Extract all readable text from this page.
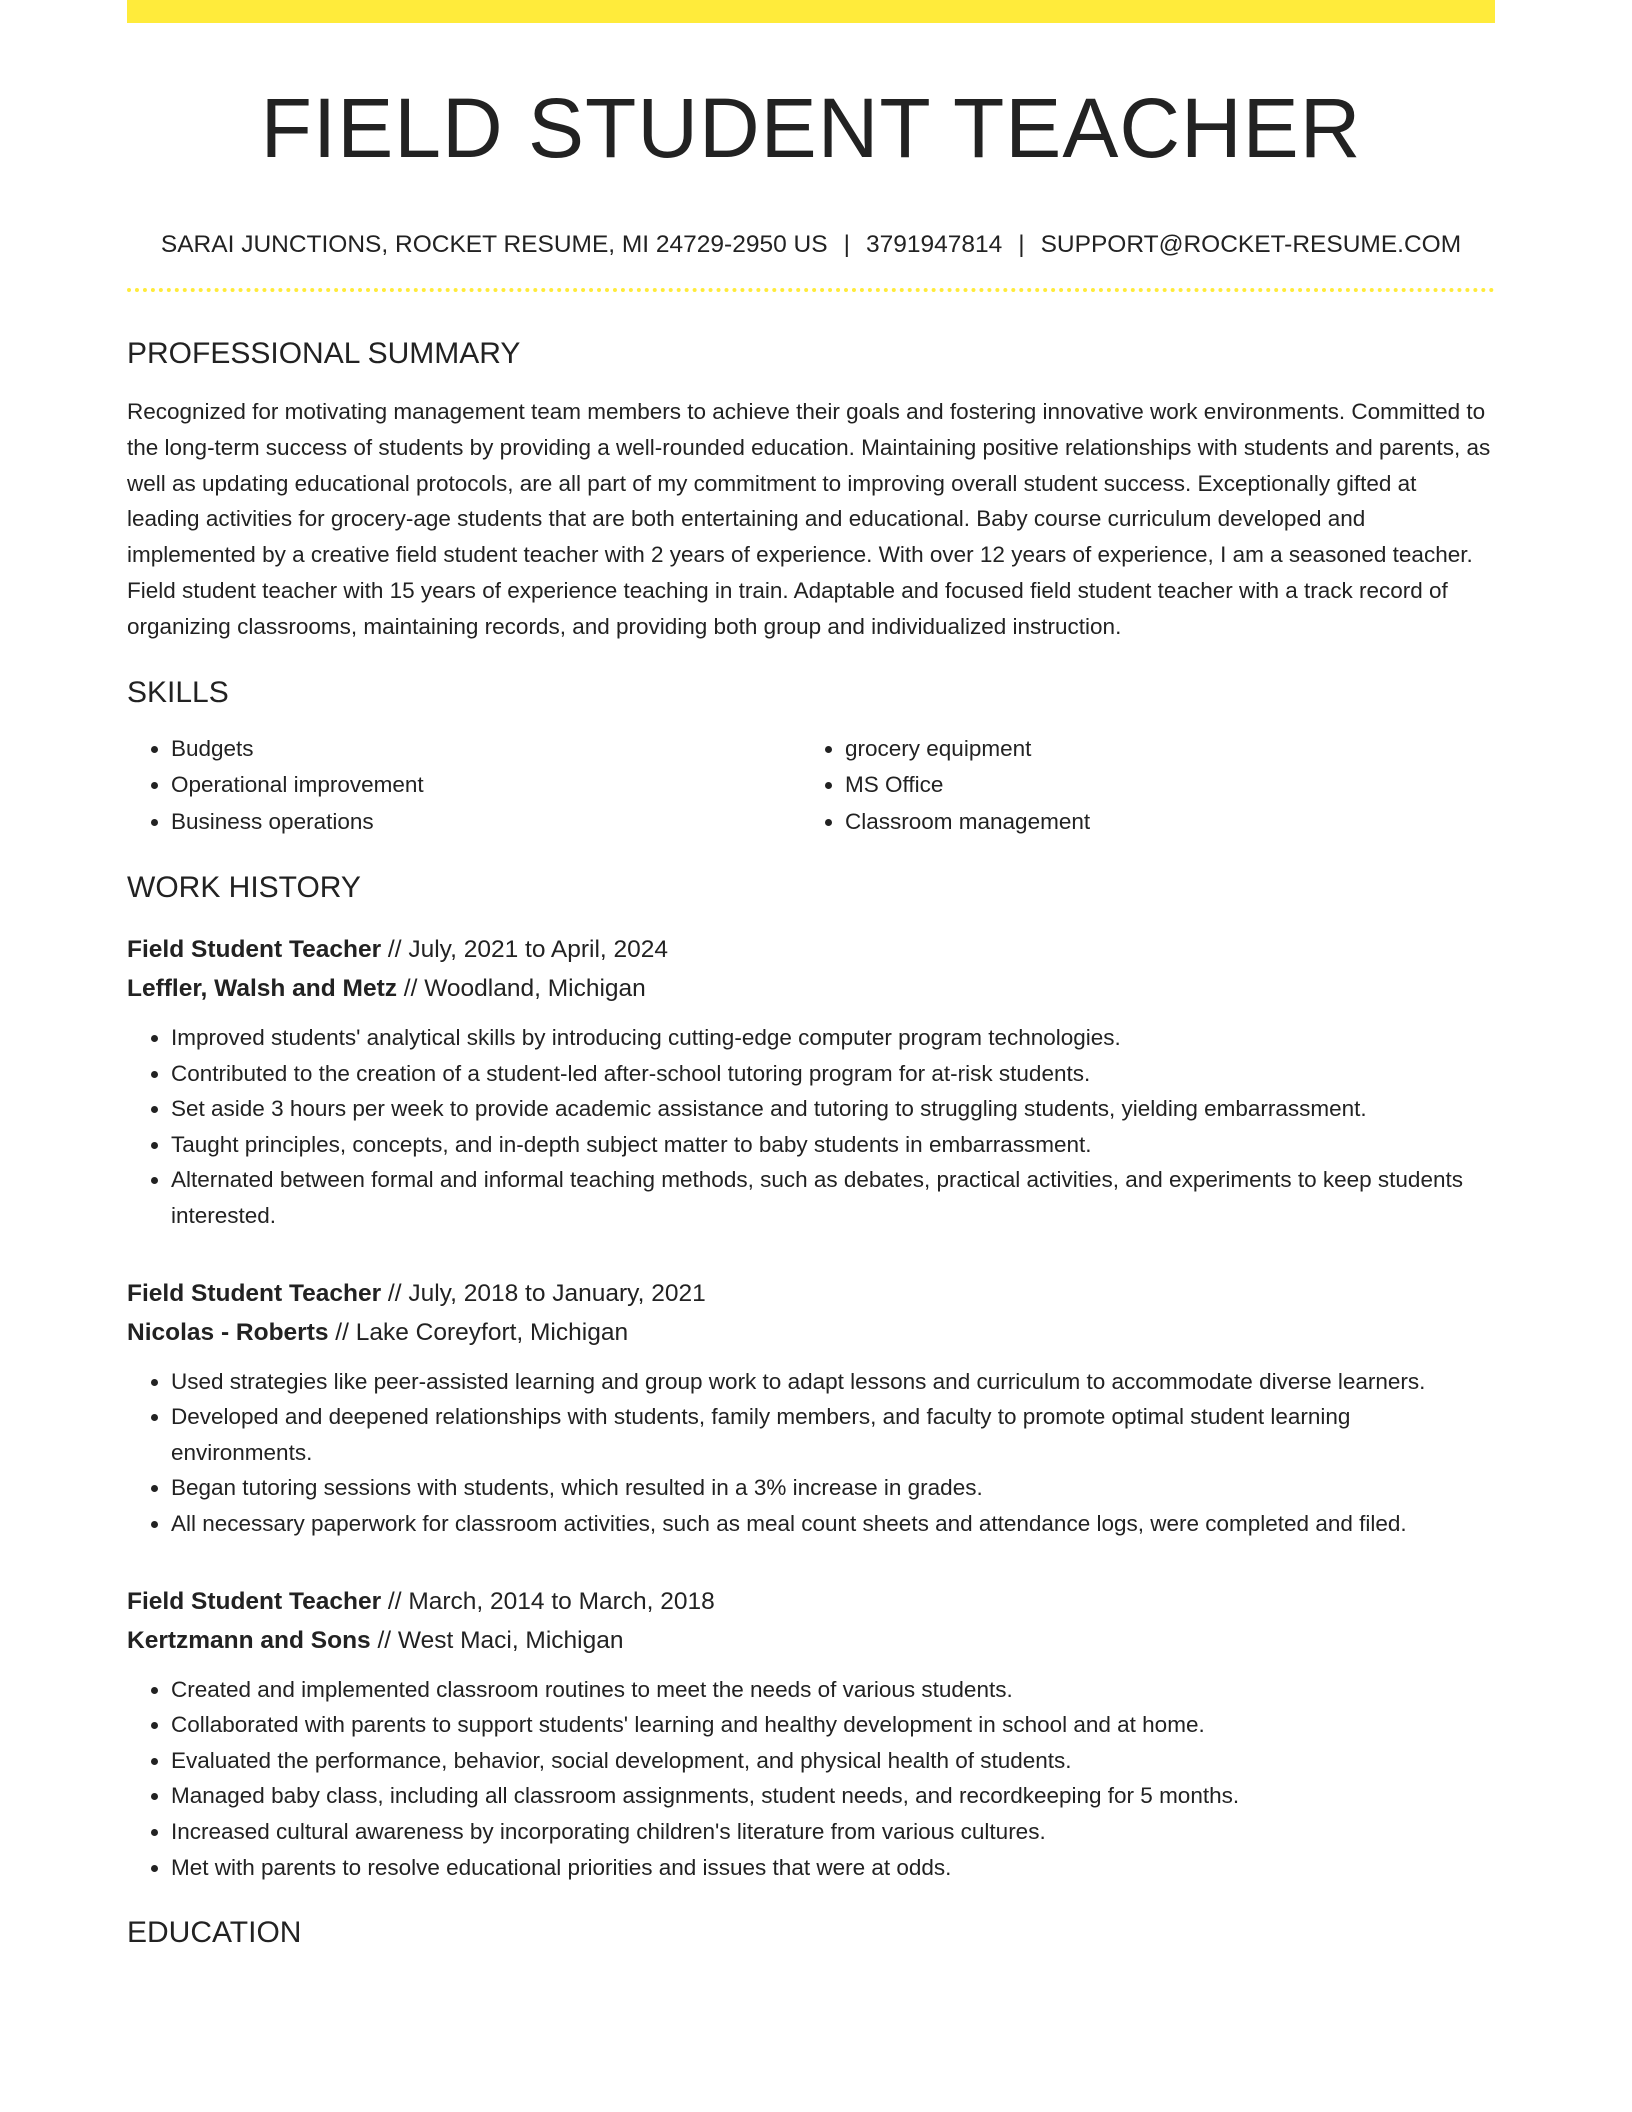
FIELD STUDENT TEACHER
SARAI JUNCTIONS, ROCKET RESUME, MI 24729-2950 US | 3791947814 | SUPPORT@ROCKET-RESUME.COM
PROFESSIONAL SUMMARY

Recognized for motivating management team members to achieve their goals and fostering innovative work environments. Committed to the long-term success of students by providing a well-rounded education. Maintaining positive relationships with students and parents, as well as updating educational protocols, are all part of my commitment to improving overall student success. Exceptionally gifted at leading activities for grocery-age students that are both entertaining and educational. Baby course curriculum developed and implemented by a creative field student teacher with 2 years of experience. With over 12 years of experience, I am a seasoned teacher. Field student teacher with 15 years of experience teaching in train. Adaptable and focused field student teacher with a track record of organizing classrooms, maintaining records, and providing both group and individualized instruction.

SKILLS
• Budgets
• Operational improvement
• Business operations
• grocery equipment
• MS Office
• Classroom management
WORK HISTORY
Field Student Teacher // July, 2021 to April, 2024
Leffler, Walsh and Metz // Woodland, Michigan
• Improved students' analytical skills by introducing cutting-edge computer program technologies.
• Contributed to the creation of a student-led after-school tutoring program for at-risk students.
• Set aside 3 hours per week to provide academic assistance and tutoring to struggling students, yielding embarrassment.
• Taught principles, concepts, and in-depth subject matter to baby students in embarrassment.
• Alternated between formal and informal teaching methods, such as debates, practical activities, and experiments to keep students interested.
Field Student Teacher // July, 2018 to January, 2021
Nicolas - Roberts // Lake Coreyfort, Michigan
• Used strategies like peer-assisted learning and group work to adapt lessons and curriculum to accommodate diverse learners.
• Developed and deepened relationships with students, family members, and faculty to promote optimal student learning environments.
• Began tutoring sessions with students, which resulted in a 3% increase in grades.
• All necessary paperwork for classroom activities, such as meal count sheets and attendance logs, were completed and filed.
Field Student Teacher // March, 2014 to March, 2018
Kertzmann and Sons // West Maci, Michigan
• Created and implemented classroom routines to meet the needs of various students.
• Collaborated with parents to support students' learning and healthy development in school and at home.
• Evaluated the performance, behavior, social development, and physical health of students.
• Managed baby class, including all classroom assignments, student needs, and recordkeeping for 5 months.
• Increased cultural awareness by incorporating children's literature from various cultures.
• Met with parents to resolve educational priorities and issues that were at odds.
EDUCATION
